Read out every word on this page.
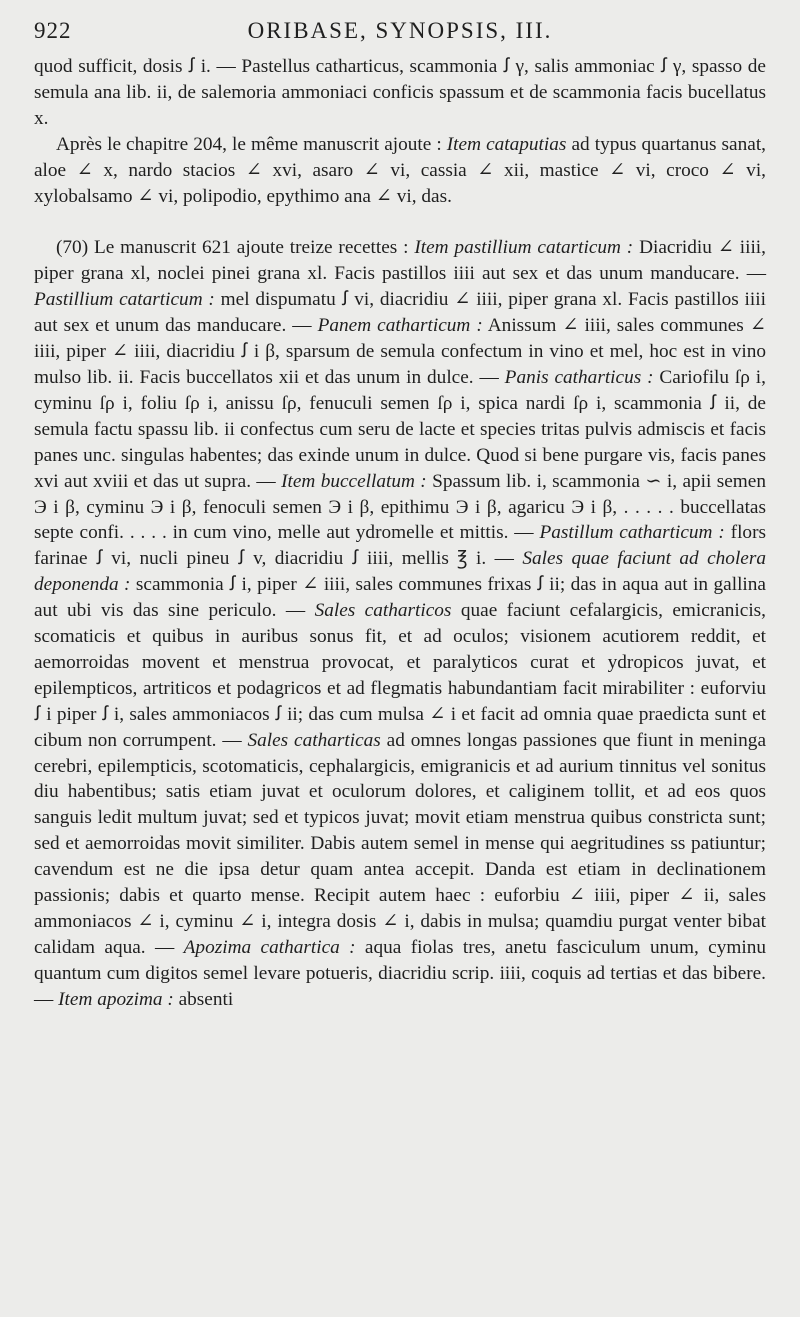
922	ORIBASE, SYNOPSIS, III.

quod sufficit, dosis ꭍ i. — Pastellus catharticus, scammonia ꭍ γ, salis ammoniac ꭍ γ, spasso de semula ana lib. ii, de salemoria ammoniaci conficis spassum et de scammonia facis bucellatus x.

Après le chapitre 204, le même manuscrit ajoute : Item cataputias ad typus quartanus sanat, aloe ∠ x, nardo stacios ∠ xvi, asaro ∠ vi, cassia ∠ xii, mastice ∠ vi, croco ∠ vi, xylobalsamo ∠ vi, polipodio, epythimo ana ∠ vi, das.

(70) Le manuscrit 621 ajoute treize recettes : Item pastillium catarticum : Diacridiu ∠ iiii, piper grana xl, noclei pinei grana xl. Facis pastillos iiii aut sex et das unum manducare. — Pastillium catarticum : mel dispumatu ꭍ vi, diacridiu ∠ iiii, piper grana xl. Facis pastillos iiii aut sex et unum das manducare. — Panem catharticum : Anissum ∠ iiii, sales communes ∠ iiii, piper ∠ iiii, diacridiu ꭍ i β, sparsum de semula confectum in vino et mel, hoc est in vino mulso lib. ii. Facis buccellatos xii et das unum in dulce. — Panis catharticus : Cariofilu ſρ i, cyminu ſρ i, foliu ſρ i, anissu ſρ, fenuculi semen ſρ i, spica nardi ſρ i, scammonia ꭍ ii, de semula factu spassu lib. ii confectus cum seru de lacte et species tritas pulvis admiscis et facis panes unc. singulas habentes; das exinde unum in dulce. Quod si bene purgare vis, facis panes xvi aut xviii et das ut supra. — Item buccellatum : Spassum lib. i, scammonia ∽ i, apii semen Э i β, cyminu Э i β, fenoculi semen Э i β, epithimu Э i β, agaricu Э i β, . . . . . buccellatas septe confi. . . . . in cum vino, melle aut ydromelle et mittis. — Pastillum catharticum : flors farinae ꭍ vi, nucli pineu ꭍ v, diacridiu ꭍ iiii, mellis ℥ i. — Sales quae faciunt ad cholera deponenda : scammonia ꭍ i, piper ∠ iiii, sales communes frixas ꭍ ii; das in aqua aut in gallina aut ubi vis das sine periculo. — Sales catharticos quae faciunt cefalargicis, emicranicis, scomaticis et quibus in auribus sonus fit, et ad oculos; visionem acutiorem reddit, et aemorroidas movent et menstrua provocat, et paralyticos curat et ydropicos juvat, et epilempticos, artriticos et podagricos et ad flegmatis habundantiam facit mirabiliter : euforviu ꭍ i piper ꭍ i, sales ammoniacos ꭍ ii; das cum mulsa ∠ i et facit ad omnia quae praedicta sunt et cibum non corrumpent. — Sales catharticas ad omnes longas passiones que fiunt in meninga cerebri, epilempticis, scotomaticis, cephalargicis, emigranicis et ad aurium tinnitus vel sonitus diu habentibus; satis etiam juvat et oculorum dolores, et caliginem tollit, et ad eos quos sanguis ledit multum juvat; sed et typicos juvat; movit etiam menstrua quibus constricta sunt; sed et aemorroidas movit similiter. Dabis autem semel in mense qui aegritudines ss patiuntur; cavendum est ne die ipsa detur quam antea accepit. Danda est etiam in declinationem passionis; dabis et quarto mense. Recipit autem haec : euforbiu ∠ iiii, piper ∠ ii, sales ammoniacos ∠ i, cyminu ∠ i, integra dosis ∠ i, dabis in mulsa; quamdiu purgat venter bibat calidam aqua. — Apozima cathartica : aqua fiolas tres, anetu fasciculum unum, cyminu quantum cum digitos semel levare potueris, diacridiu scrip. iiii, coquis ad tertias et das bibere. — Item apozima : absenti
